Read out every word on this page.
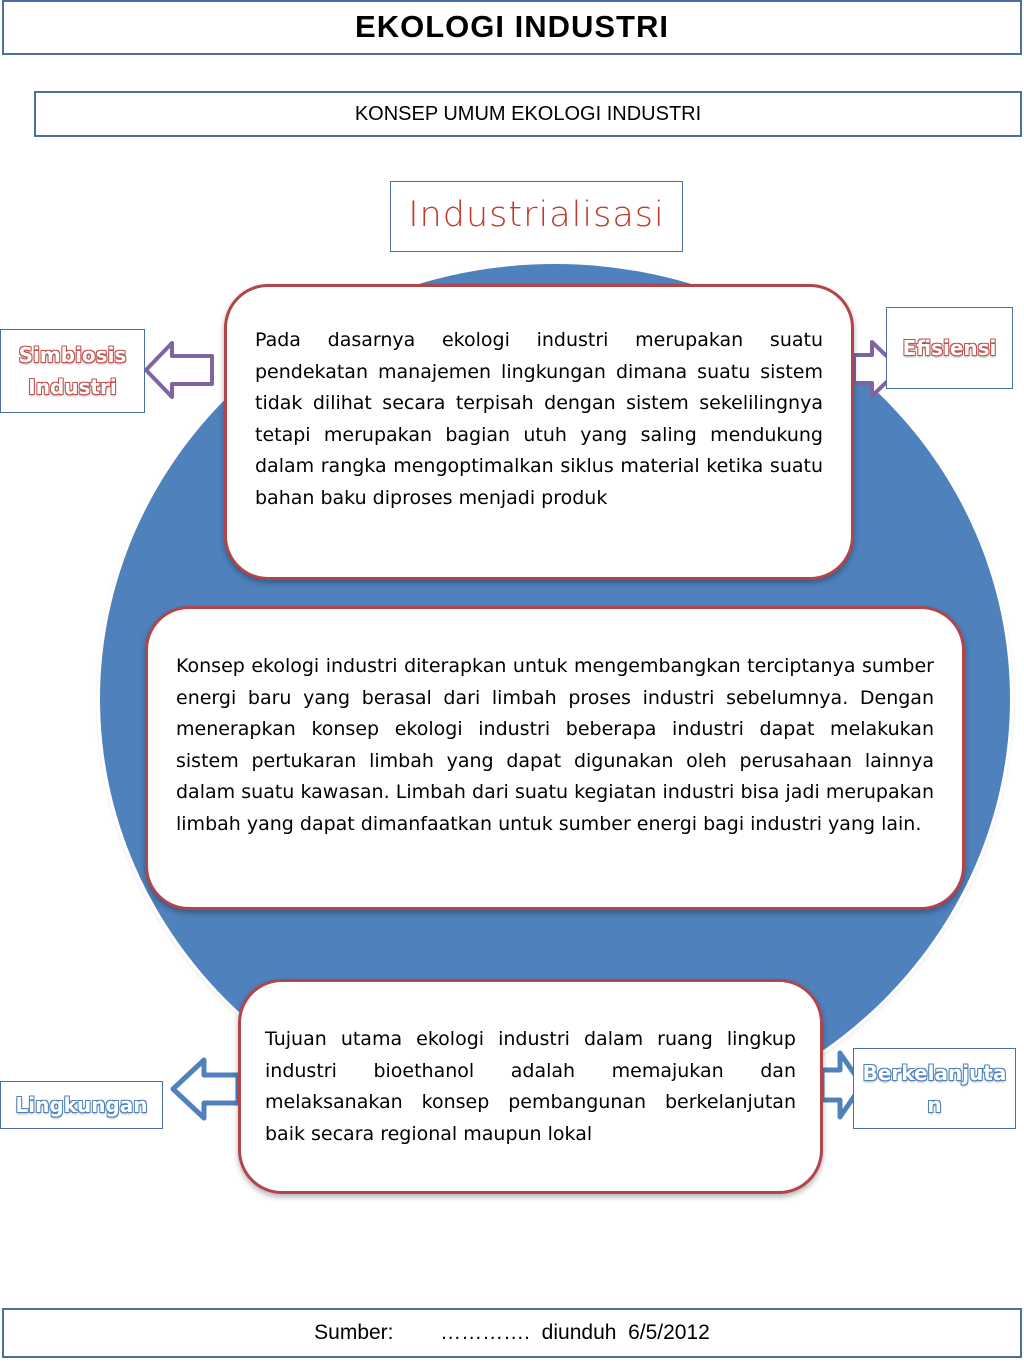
EKOLOGI INDUSTRI
KONSEP UMUM EKOLOGI INDUSTRI
Industrialisasi
Simbiosis Industri
Efisiensi
Lingkungan
Berkelanjutan

Pada dasarnya ekologi industri merupakan suatu pendekatan manajemen lingkungan dimana suatu sistem tidak dilihat secara terpisah dengan sistem sekelilingnya tetapi merupakan bagian utuh yang saling mendukung dalam rangka mengoptimalkan siklus material ketika suatu bahan baku diproses menjadi produk

Konsep ekologi industri diterapkan untuk mengembangkan terciptanya sumber energi baru yang berasal dari limbah proses industri sebelumnya. Dengan menerapkan konsep ekologi industri beberapa industri dapat melakukan sistem pertukaran limbah yang dapat digunakan oleh perusahaan lainnya dalam suatu kawasan. Limbah dari suatu kegiatan industri bisa jadi merupakan limbah yang dapat dimanfaatkan untuk sumber energi bagi industri yang lain.

Tujuan utama ekologi industri dalam ruang lingkup industri bioethanol adalah memajukan dan melaksanakan konsep pembangunan berkelanjutan baik secara regional maupun lokal

Sumber:        ………….  diunduh  6/5/2012
